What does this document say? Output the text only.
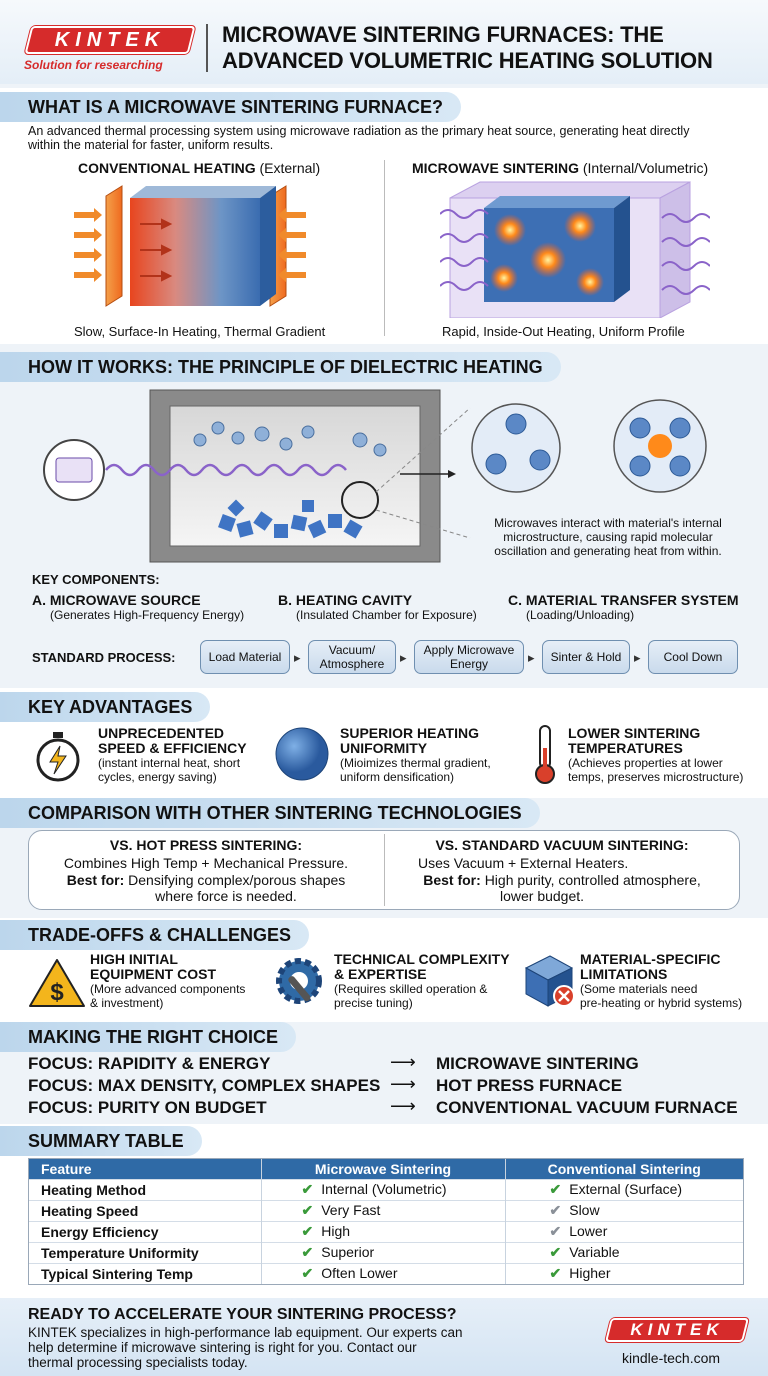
KINTEK
Solution for researching
MICROWAVE SINTERING FURNACES: THE
ADVANCED VOLUMETRIC HEATING SOLUTION
WHAT IS A MICROWAVE SINTERING FURNACE?
An advanced thermal processing system using microwave radiation as the primary heat source, generating heat directly
within the material for faster, uniform results.
CONVENTIONAL HEATING (External)	MICROWAVE SINTERING (Internal/Volumetric)
Slow, Surface-In Heating, Thermal Gradient	Rapid, Inside-Out Heating, Uniform Profile
HOW IT WORKS: THE PRINCIPLE OF DIELECTRIC HEATING
Microwaves interact with material's internal
microstructure, causing rapid molecular
oscillation and generating heat from within.
KEY COMPONENTS:
A. MICROWAVE SOURCE
(Generates High-Frequency Energy)
B. HEATING CAVITY
(Insulated Chamber for Exposure)
C. MATERIAL TRANSFER SYSTEM
(Loading/Unloading)
STANDARD PROCESS:	Load Material ▸	Vacuum/ Atmosphere	▸	Apply Microwave Energy	▸	Sinter & Hold ▸	Cool Down
KEY ADVANTAGES
UNPRECEDENTED
SPEED & EFFICIENCY
(instant internal heat, short
cycles, energy saving)
SUPERIOR HEATING
UNIFORMITY
(Mioimizes thermal gradient,
uniform densification)
LOWER SINTERING
TEMPERATURES
(Achieves properties at lower
temps, preserves microstructure)
COMPARISON WITH OTHER SINTERING TECHNOLOGIES
VS. HOT PRESS SINTERING:
Combines High Temp + Mechanical Pressure.
Best for: Densifying complex/porous shapes
where force is needed.
VS. STANDARD VACUUM SINTERING:
Uses Vacuum + External Heaters.
Best for: High purity, controlled atmosphere,
lower budget.
TRADE-OFFS & CHALLENGES
$
HIGH INITIAL
EQUIPMENT COST
(More advanced components
& investment)
TECHNICAL COMPLEXITY
& EXPERTISE
(Requires skilled operation &
precise tuning)
MATERIAL-SPECIFIC
LIMITATIONS
(Some materials need
pre-heating or hybrid systems)
MAKING THE RIGHT CHOICE
FOCUS: RAPIDITY & ENERGY	⟶ MICROWAVE SINTERING
FOCUS: MAX DENSITY, COMPLEX SHAPES ⟶ HOT PRESS FURNACE
FOCUS: PURITY ON BUDGET	⟶ CONVENTIONAL VACUUM FURNACE
SUMMARY TABLE
Feature	Microwave Sintering	Conventional Sintering
Heating Method	✔ Internal (Volumetric)	✔ External (Surface)
Heating Speed	✔ Very Fast	✔ Slow
Energy Efficiency	✔ High	✔ Lower
Temperature Uniformity	✔ Superior	✔ Variable
Typical Sintering Temp	✔ Often Lower	✔ Higher
READY TO ACCELERATE YOUR SINTERING PROCESS?
KINTEK specializes in high-performance lab equipment. Our experts can
help determine if microwave sintering is right for you. Contact our
thermal processing specialists today.
KINTEK
kindle-tech.com
